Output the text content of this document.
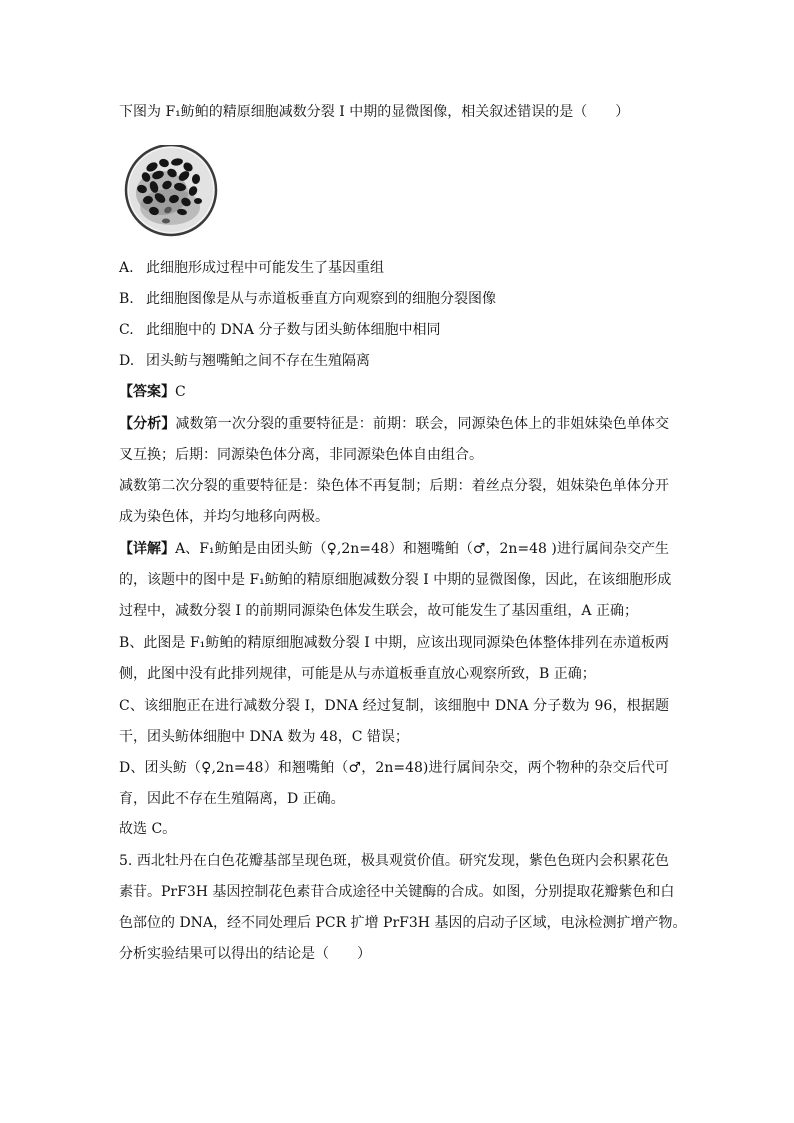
下图为 F₁鲂鲌的精原细胞减数分裂 I 中期的显微图像，相关叙述错误的是（　　）
A. 此细胞形成过程中可能发生了基因重组
B. 此细胞图像是从与赤道板垂直方向观察到的细胞分裂图像
C. 此细胞中的 DNA 分子数与团头鲂体细胞中相同
D. 团头鲂与翘嘴鲌之间不存在生殖隔离
【答案】C
【分析】减数第一次分裂的重要特征是：前期：联会，同源染色体上的非姐妹染色单体交
叉互换；后期：同源染色体分离，非同源染色体自由组合。
减数第二次分裂的重要特征是：染色体不再复制；后期：着丝点分裂，姐妹染色单体分开
成为染色体，并均匀地移向两极。
【详解】A、F₁鲂鲌是由团头鲂（♀,2n=48）和翘嘴鲌（♂，2n=48 )进行属间杂交产生
的，该题中的图中是 F₁鲂鲌的精原细胞减数分裂 I 中期的显微图像，因此，在该细胞形成
过程中，减数分裂 I 的前期同源染色体发生联会，故可能发生了基因重组，A 正确；
B、此图是 F₁鲂鲌的精原细胞减数分裂 I 中期，应该出现同源染色体整体排列在赤道板两
侧，此图中没有此排列规律，可能是从与赤道板垂直放心观察所致，B 正确；
C、该细胞正在进行减数分裂 I，DNA 经过复制，该细胞中 DNA 分子数为 96，根据题
干，团头鲂体细胞中 DNA 数为 48，C 错误；
D、团头鲂（♀,2n=48）和翘嘴鲌（♂，2n=48)进行属间杂交，两个物种的杂交后代可
育，因此不存在生殖隔离，D 正确。
故选 C。
5. 西北牡丹在白色花瓣基部呈现色斑，极具观赏价值。研究发现，紫色色斑内会积累花色
素苷。PrF3H 基因控制花色素苷合成途径中关键酶的合成。如图，分别提取花瓣紫色和白
色部位的 DNA，经不同处理后 PCR 扩增 PrF3H 基因的启动子区域，电泳检测扩增产物。
分析实验结果可以得出的结论是（　　）
